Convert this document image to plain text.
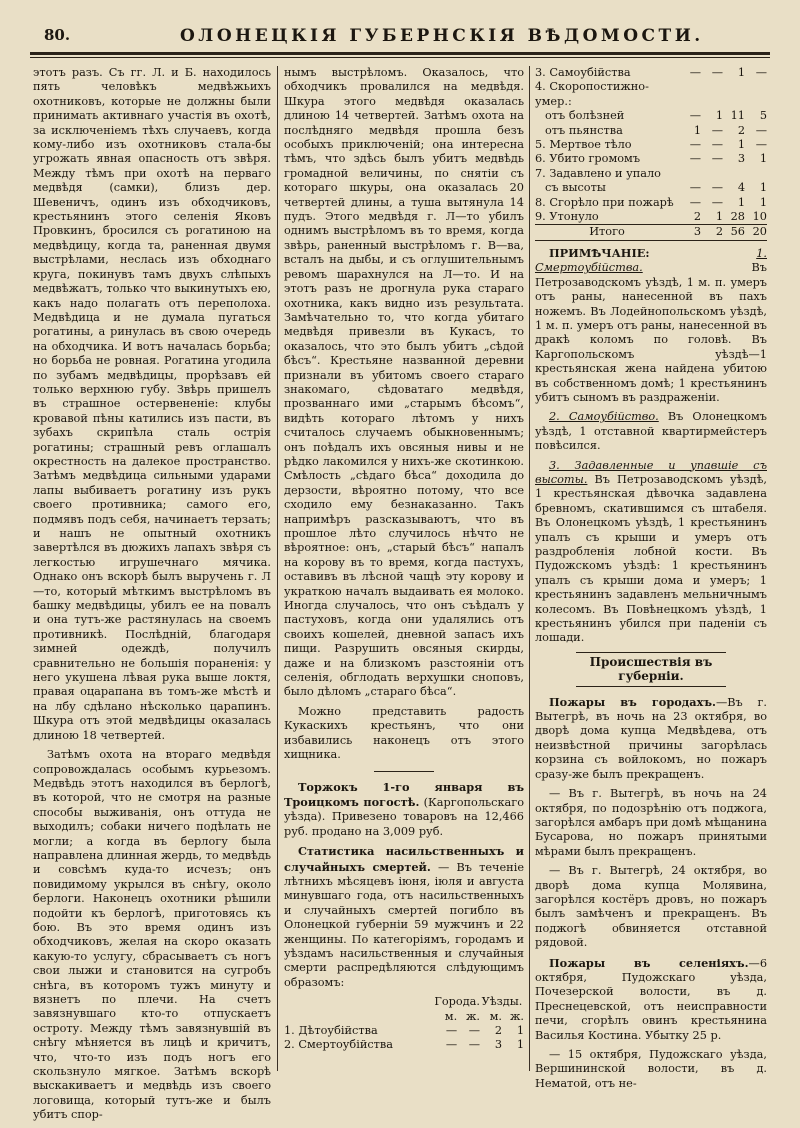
80.	ОЛОНЕЦКІЯ ГУБЕРНСКІЯ ВѢДОМОСТИ.

этотъ разъ. Съ гг. Л. и Б. находилось пять человѣкъ медвѣжьихъ охотниковъ, которые не должны были принимать активнаго участія въ охотѣ, за исключеніемъ тѣхъ случаевъ, когда кому-либо изъ охотниковъ стала-бы угрожать явная опасность отъ звѣря. Между тѣмъ при охотѣ на перваго медвѣдя (самки), близъ дер. Шевеничъ, одинъ изъ обходчиковъ, крестьянинъ этого селенія Яковъ Провкинъ, бросился съ рогатиною на медвѣдицу, когда та, раненная двумя выстрѣлами, неслась изъ обходнаго круга, покинувъ тамъ двухъ слѣпыхъ медвѣжатъ, только что выкинутыхъ ею, какъ надо полагать отъ переполоха. Медвѣдица и не думала пугаться рогатины, а ринулась въ свою очередь на обходчика. И вотъ началась борьба; но борьба не ровная. Рогатина угодила по зубамъ медвѣдицы, прорѣзавъ ей только верхнюю губу. Звѣрь пришелъ въ страшное остервененіе: клубы кровавой пѣны катились изъ пасти, въ зубахъ скрипѣла сталь острія рогатины; страшный ревъ оглашалъ окрестность на далекое пространство. Затѣмъ медвѣдица сильными ударами лапы выбиваетъ рогатину изъ рукъ своего противника; самого его, подмявъ подъ себя, начинаетъ терзать; и нашъ не опытный охотникъ завертѣлся въ дюжихъ лапахъ звѣря съ легкостью игрушечнаго мячика. Однако онъ вскорѣ былъ выручень г. Л—то, который мѣткимъ выстрѣломъ въ башку медвѣдицы, убилъ ее на повалъ и она тутъ-же растянулась на своемъ противникѣ. Послѣдній, благодаря зимней одеждѣ, получилъ сравнительно не большія пораненія: у него укушена лѣвая рука выше локтя, правая оцарапана въ томъ-же мѣстѣ и на лбу сдѣлано нѣсколько царапинъ. Шкура отъ этой медвѣдицы оказалась длиною 18 четвертей.

Затѣмъ охота на втораго медвѣдя сопровождалась особымъ курьезомъ. Медвѣдь этотъ находился въ берлогѣ, въ которой, что не смотря на разные способы выживанія, онъ оттуда не выходилъ; собаки ничего подѣлать не могли; а когда въ берлогу была направлена длинная жердь, то медвѣдь и совсѣмъ куда-то исчезъ; онъ повидимому укрылся въ снѣгу, около берлоги. Наконецъ охотники рѣшили подойти къ берлогѣ, приготовясь къ бою. Въ это время одинъ изъ обходчиковъ, желая на скоро оказать какую-то услугу, сбрасываетъ съ ногъ свои лыжи и становится на сугробъ снѣга, въ которомъ тужъ минуту и вязнетъ по плечи. На счетъ завязнувшаго кто-то отпускаетъ остроту. Между тѣмъ завязнувшій въ снѣгу мѣняется въ лицѣ и кричитъ, что, что-то изъ подъ ногъ его скользнуло мягкое. Затѣмъ вскорѣ выскакиваетъ и медвѣдь изъ своего логовища, который тутъ-же и былъ убитъ спор-

нымъ выстрѣломъ. Оказалось, что обходчикъ провалился на медвѣдя. Шкура этого медвѣдя оказалась длиною 14 четвертей. Затѣмъ охота на послѣдняго медвѣдя прошла безъ особыхъ приключеній; она интересна тѣмъ, что здѣсь былъ убитъ медвѣдь громадной величины, по снятіи съ котораго шкуры, она оказалась 20 четвертей длины, а туша вытянула 14 пудъ. Этого медвѣдя г. Л—то убилъ однимъ выстрѣломъ въ то время, когда звѣрь, раненный выстрѣломъ г. В—ва, всталъ на дыбы, и съ оглушительнымъ ревомъ шарахнулся на Л—то. И на этотъ разъ не дрогнула рука стараго охотника, какъ видно изъ результата. Замѣчательно то, что когда убитаго медвѣдя привезли въ Кукасъ, то оказалось, что это былъ убитъ „сѣдой бѣсъ“. Крестьяне названной деревни признали въ убитомъ своего стараго знакомаго, сѣдоватаго медвѣдя, прозваннаго ими „старымъ бѣсомъ“, видѣть котораго лѣтомъ у нихъ считалось случаемъ обыкновеннымъ; онъ поѣдалъ ихъ овсяныя нивы и не рѣдко лакомился у нихъ-же скотинкою. Смѣлость „сѣдаго бѣса“ доходила до дерзости, вѣроятно потому, что все сходило ему безнаказанно. Такъ напримѣръ разсказываютъ, что въ прошлое лѣто случилось нѣчто не вѣроятное: онъ, „старый бѣсъ“ напалъ на корову въ то время, когда пастухъ, оставивъ въ лѣсной чащѣ эту корову и украткою началъ выдаивать ея молоко. Иногда случалось, что онъ съѣдалъ у пастуховъ, когда они удалялись отъ своихъ кошелей, дневной запасъ ихъ пищи. Разрушить овсяныя скирды, даже и на близкомъ разстояніи отъ селенія, обглодать верхушки сноповъ, было дѣломъ „стараго бѣса“.

Можно представить радость Кукаскихъ крестьянъ, что они избавились наконецъ отъ этого хищника.

Торжокъ 1-го января въ Троицкомъ погостѣ. (Каргопольскаго уѣзда). Привезено товаровъ на 12,466 руб. продано на 3,009 руб.

Статистика насильственныхъ и случайныхъ смертей. — Въ теченіе лѣтнихъ мѣсяцевъ іюня, іюля и августа минувшаго года, отъ насильственныхъ и случайныхъ смертей погибло въ Олонецкой губерніи 59 мужчинъ и 22 женщины. По категоріямъ, городамъ и уѣздамъ насильственныя и случайныя смерти распредѣляются слѣдующимъ образомъ:

	Города.		Уѣзды.	
	м.	ж.	м.	ж.
1. Дѣтоубійства	—	—	2	1
2. Смертоубійства	—	—	3	1
3. Самоубійства	—	—	1	—
4. Скоропостижно-умер.:				
отъ болѣзней	—	1	11	5
отъ пьянства	1	—	2	—
5. Мертвое тѣло	—	—	1	—
6. Убито громомъ	—	—	3	1
7. Задавлено и упало				
съ высоты	—	—	4	1
8. Сгорѣло при пожарѣ	—	—	1	1
9. Утонуло	2	1	28	10
Итого	3	2	56	20

ПРИМѢЧАНІЕ:	1. Смертоубійства. Въ Петрозаводскомъ уѣздѣ, 1 м. п. умеръ отъ раны, нанесенной въ пахъ ножемъ. Въ Лодейнопольскомъ уѣздѣ, 1 м. п. умеръ отъ раны, нанесенной въ дракѣ коломъ по головѣ. Въ Каргопольскомъ уѣздѣ—1 крестьянская жена найдена убитою въ собственномъ домѣ; 1 крестьянинъ убитъ сыномъ въ раздраженіи.

2. Самоубійство. Въ Олонецкомъ уѣздѣ, 1 отставной квартирмейстеръ повѣсился.

3. Задавленные и упавшіе съ высоты. Въ Петрозаводскомъ уѣздѣ, 1 крестьянская дѣвочка задавлена бревномъ, скатившимся съ штабеля. Въ Олонецкомъ уѣздѣ, 1 крестьянинъ упалъ съ крыши и умеръ отъ раздробленія лобной кости. Въ Пудожскомъ уѣздѣ: 1 крестьянинъ упалъ съ крыши дома и умеръ; 1 крестьянинъ задавленъ мельничнымъ колесомъ. Въ Повѣнецкомъ уѣздѣ, 1 крестьянинъ убился при паденіи съ лошади.

Происшествія въ губерніи.

Пожары въ городахъ.—Въ г. Вытегрѣ, въ ночь на 23 октября, во дворѣ дома купца Медвѣдева, отъ неизвѣстной причины загорѣлась корзина съ войлокомъ, но пожаръ сразу-же былъ прекращенъ.

— Въ г. Вытегрѣ, въ ночь на 24 октября, по подозрѣнію отъ поджога, загорѣлся амбаръ при домѣ мѣщанина Бусарова, но пожаръ принятыми мѣрами былъ прекращенъ.

— Въ г. Вытегрѣ, 24 октября, во дворѣ дома купца Молявина, загорѣлся костёръ дровъ, но пожаръ былъ замѣченъ и прекращенъ. Въ поджогѣ обвиняется отставной рядовой.

Пожары въ селеніяхъ.—6 октября, Пудожскаго уѣзда, Почезерской волости, въ д. Преснецевской, отъ неисправности печи, сгорѣлъ овинъ крестьянина Василья Костина. Убытку 25 р.

— 15 октября, Пудожскаго уѣзда, Вершининской волости, въ д. Нематой, отъ не-
